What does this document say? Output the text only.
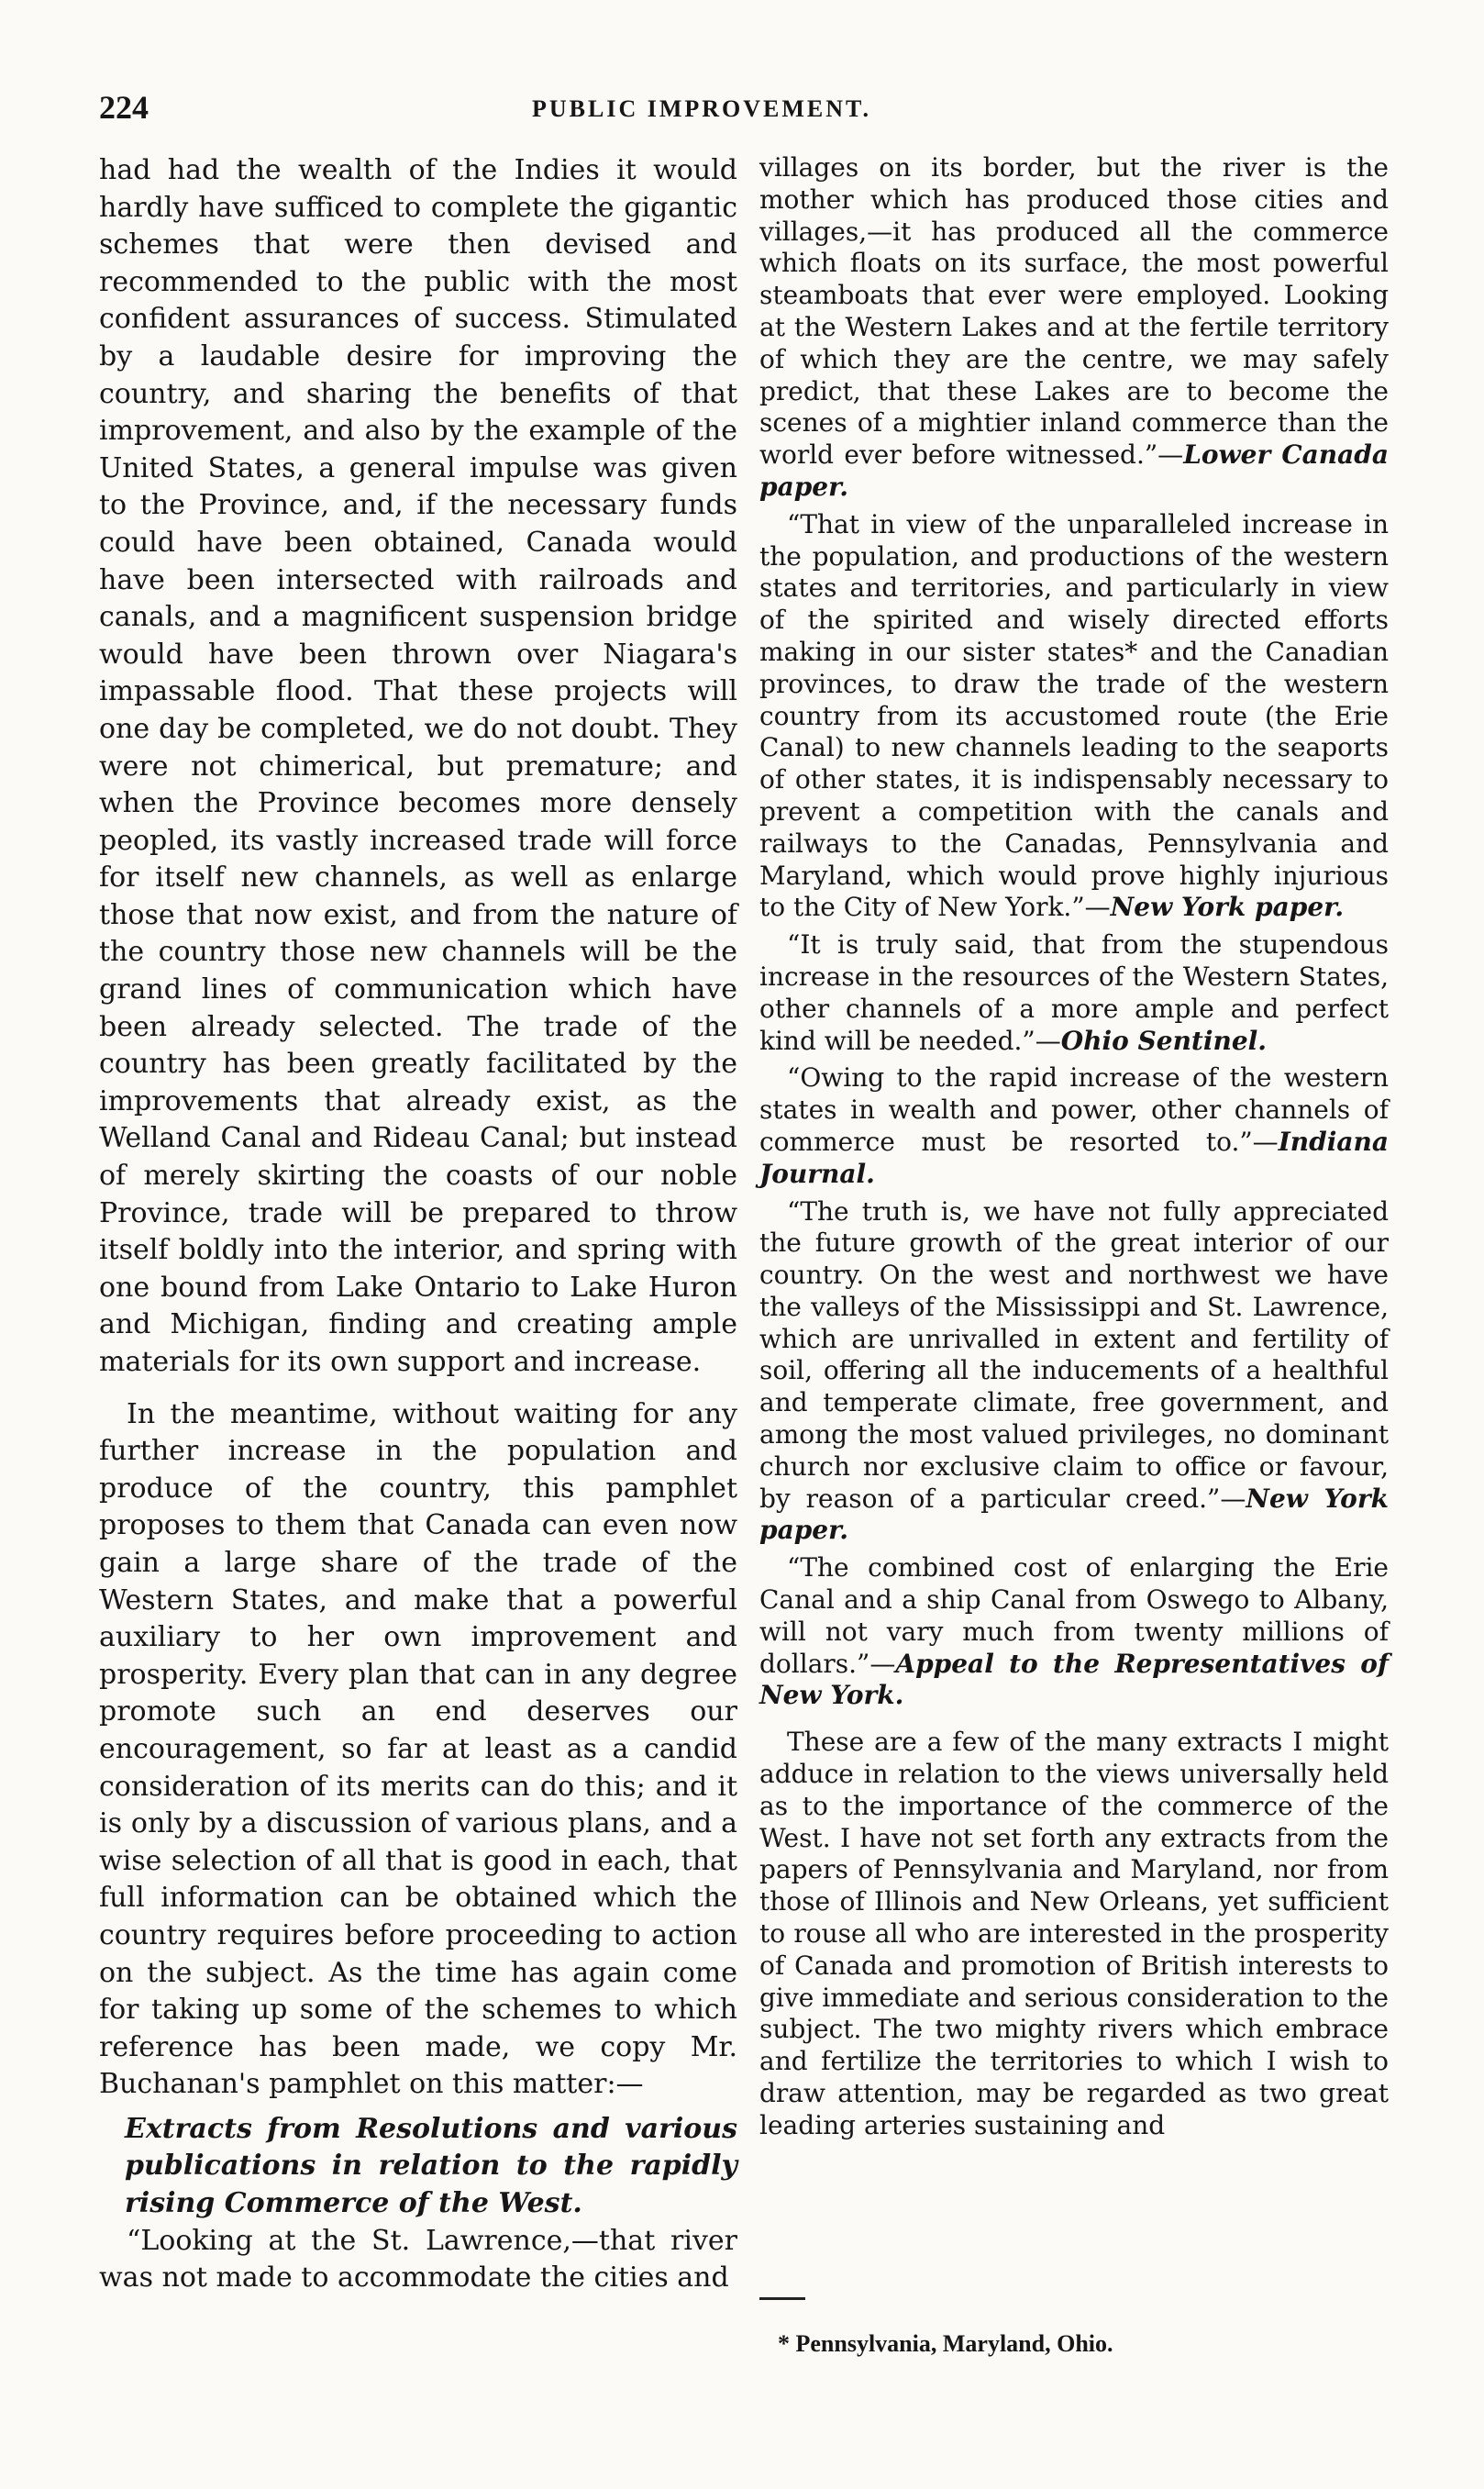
224	PUBLIC IMPROVEMENT.

had had the wealth of the Indies it would hardly have sufficed to complete the gigantic schemes that were then devised and recommended to the public with the most confident assurances of success. Stimulated by a laudable desire for improving the country, and sharing the benefits of that improvement, and also by the example of the United States, a general impulse was given to the Province, and, if the necessary funds could have been obtained, Canada would have been intersected with railroads and canals, and a magnificent suspension bridge would have been thrown over Niagara's impassable flood. That these projects will one day be completed, we do not doubt. They were not chimerical, but premature; and when the Province becomes more densely peopled, its vastly increased trade will force for itself new channels, as well as enlarge those that now exist, and from the nature of the country those new channels will be the grand lines of communication which have been already selected. The trade of the country has been greatly facilitated by the improvements that already exist, as the Welland Canal and Rideau Canal; but instead of merely skirting the coasts of our noble Province, trade will be prepared to throw itself boldly into the interior, and spring with one bound from Lake Ontario to Lake Huron and Michigan, finding and creating ample materials for its own support and increase.

In the meantime, without waiting for any further increase in the population and produce of the country, this pamphlet proposes to them that Canada can even now gain a large share of the trade of the Western States, and make that a powerful auxiliary to her own improvement and prosperity. Every plan that can in any degree promote such an end deserves our encouragement, so far at least as a candid consideration of its merits can do this; and it is only by a discussion of various plans, and a wise selection of all that is good in each, that full information can be obtained which the country requires before proceeding to action on the subject. As the time has again come for taking up some of the schemes to which reference has been made, we copy Mr. Buchanan's pamphlet on this matter:—

Extracts from Resolutions and various publications in relation to the rapidly rising Commerce of the West.

“Looking at the St. Lawrence,—that river was not made to accommodate the cities and

villages on its border, but the river is the mother which has produced those cities and villages,—it has produced all the commerce which floats on its surface, the most powerful steamboats that ever were employed. Looking at the Western Lakes and at the fertile territory of which they are the centre, we may safely predict, that these Lakes are to become the scenes of a mightier inland commerce than the world ever before witnessed.”—Lower Canada paper.

“That in view of the unparalleled increase in the population, and productions of the western states and territories, and particularly in view of the spirited and wisely directed efforts making in our sister states* and the Canadian provinces, to draw the trade of the western country from its accustomed route (the Erie Canal) to new channels leading to the seaports of other states, it is indispensably necessary to prevent a competition with the canals and railways to the Canadas, Pennsylvania and Maryland, which would prove highly injurious to the City of New York.”—New York paper.

“It is truly said, that from the stupendous increase in the resources of the Western States, other channels of a more ample and perfect kind will be needed.”—Ohio Sentinel.

“Owing to the rapid increase of the western states in wealth and power, other channels of commerce must be resorted to.”—Indiana Journal.

“The truth is, we have not fully appreciated the future growth of the great interior of our country. On the west and northwest we have the valleys of the Mississippi and St. Lawrence, which are unrivalled in extent and fertility of soil, offering all the inducements of a healthful and temperate climate, free government, and among the most valued privileges, no dominant church nor exclusive claim to office or favour, by reason of a particular creed.”—New York paper.

“The combined cost of enlarging the Erie Canal and a ship Canal from Oswego to Albany, will not vary much from twenty millions of dollars.”—Appeal to the Representatives of New York.

These are a few of the many extracts I might adduce in relation to the views universally held as to the importance of the commerce of the West. I have not set forth any extracts from the papers of Pennsylvania and Maryland, nor from those of Illinois and New Orleans, yet sufficient to rouse all who are interested in the prosperity of Canada and promotion of British interests to give immediate and serious consideration to the subject. The two mighty rivers which embrace and fertilize the territories to which I wish to draw attention, may be regarded as two great leading arteries sustaining and

* Pennsylvania, Maryland, Ohio.
